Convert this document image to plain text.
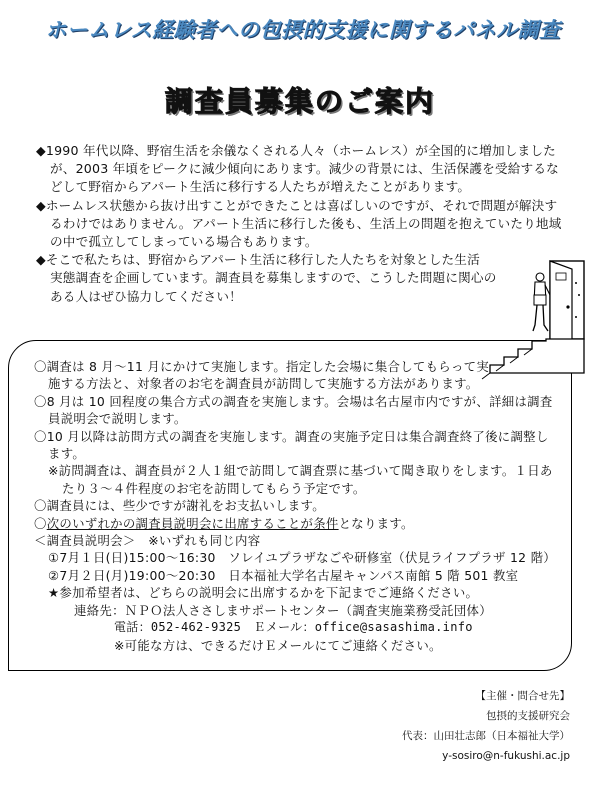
ホームレス経験者への包摂的支援に関するパネル調査
調査員募集のご案内

◆1990 年代以降、野宿生活を余儀なくされる人々（ホームレス）が全国的に増加しました

が、2003 年頃をピークに減少傾向にあります。減少の背景には、生活保護を受給するな

どして野宿からアパート生活に移行する人たちが増えたことがあります。

◆ホームレス状態から抜け出すことができたことは喜ばしいのですが、それで問題が解決す

るわけではありません。アパート生活に移行した後も、生活上の問題を抱えていたり地域

の中で孤立してしまっている場合もあります。

◆そこで私たちは、野宿からアパート生活に移行した人たちを対象とした生活

実態調査を企画しています。調査員を募集しますので、こうした問題に関心の

ある人はぜひ協力してください！

〇調査は 8 月～11 月にかけて実施します。指定した会場に集合してもらって実

施する方法と、対象者のお宅を調査員が訪問して実施する方法があります。

〇8 月は 10 回程度の集合方式の調査を実施します。会場は名古屋市内ですが、詳細は調査

員説明会で説明します。

〇10 月以降は訪問方式の調査を実施します。調査の実施予定日は集合調査終了後に調整し

ます。

※訪問調査は、調査員が２人１組で訪問して調査票に基づいて聞き取りをします。１日あ

たり３～４件程度のお宅を訪問してもらう予定です。

〇調査員には、些少ですが謝礼をお支払いします。

〇次のいずれかの調査員説明会に出席することが条件となります。

＜調査員説明会＞　※いずれも同じ内容

①7月１日(日)15:00～16:30　ソレイユプラザなごや研修室（伏見ライフプラザ 12 階）

②7月２日(月)19:00～20:30　日本福祉大学名古屋キャンパス南館 5 階 501 教室

★参加希望者は、どちらの説明会に出席するかを下記までご連絡ください。

連絡先：ＮＰＯ法人ささしまサポートセンター（調査実施業務受託団体）

電話：052-462-9325　Ｅメール：office@sasashima.info

※可能な方は、できるだけＥメールにてご連絡ください。

【主催・問合せ先】

包摂的支援研究会

代表：山田壮志郎（日本福祉大学）

y-sosiro@n-fukushi.ac.jp
